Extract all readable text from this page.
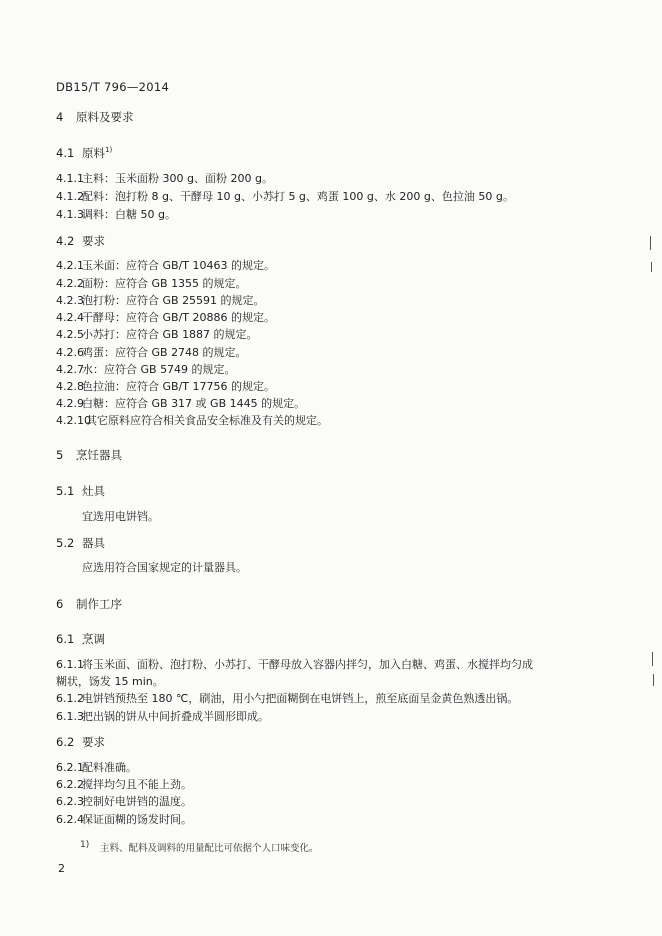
DB15/T 796—2014
4 原料及要求
4.1 原料$^{1)}$
4.1.1主料：玉米面粉 300 g、面粉 200 g。
4.1.2配料：泡打粉 8 g、干酵母 10 g、小苏打 5 g、鸡蛋 100 g、水 200 g、色拉油 50 g。
4.1.3调料：白糖 50 g。
4.2 要求
4.2.1玉米面：应符合 GB/T 10463 的规定。
4.2.2面粉：应符合 GB 1355 的规定。
4.2.3泡打粉：应符合 GB 25591 的规定。
4.2.4干酵母：应符合 GB/T 20886 的规定。
4.2.5小苏打：应符合 GB 1887 的规定。
4.2.6鸡蛋：应符合 GB 2748 的规定。
4.2.7水：应符合 GB 5749 的规定。
4.2.8色拉油：应符合 GB/T 17756 的规定。
4.2.9白糖：应符合 GB 317 或 GB 1445 的规定。
4.2.10其它原料应符合相关食品安全标准及有关的规定。
5 烹饪器具
5.1 灶具
宜选用电饼铛。
5.2 器具
应选用符合国家规定的计量器具。
6 制作工序
6.1 烹调
6.1.1将玉米面、面粉、泡打粉、小苏打、干酵母放入容器内拌匀，加入白糖、鸡蛋、水搅拌均匀成
糊状，饧发 15 min。
6.1.2电饼铛预热至 180 ℃，刷油，用小勺把面糊倒在电饼铛上，煎至底面呈金黄色熟透出锅。
6.1.3把出锅的饼从中间折叠成半圆形即成。
6.2 要求
6.2.1配料准确。
6.2.2搅拌均匀且不能上劲。
6.2.3控制好电饼铛的温度。
6.2.4保证面糊的饧发时间。
1) 主料、配料及调料的用量配比可依据个人口味变化。
2
